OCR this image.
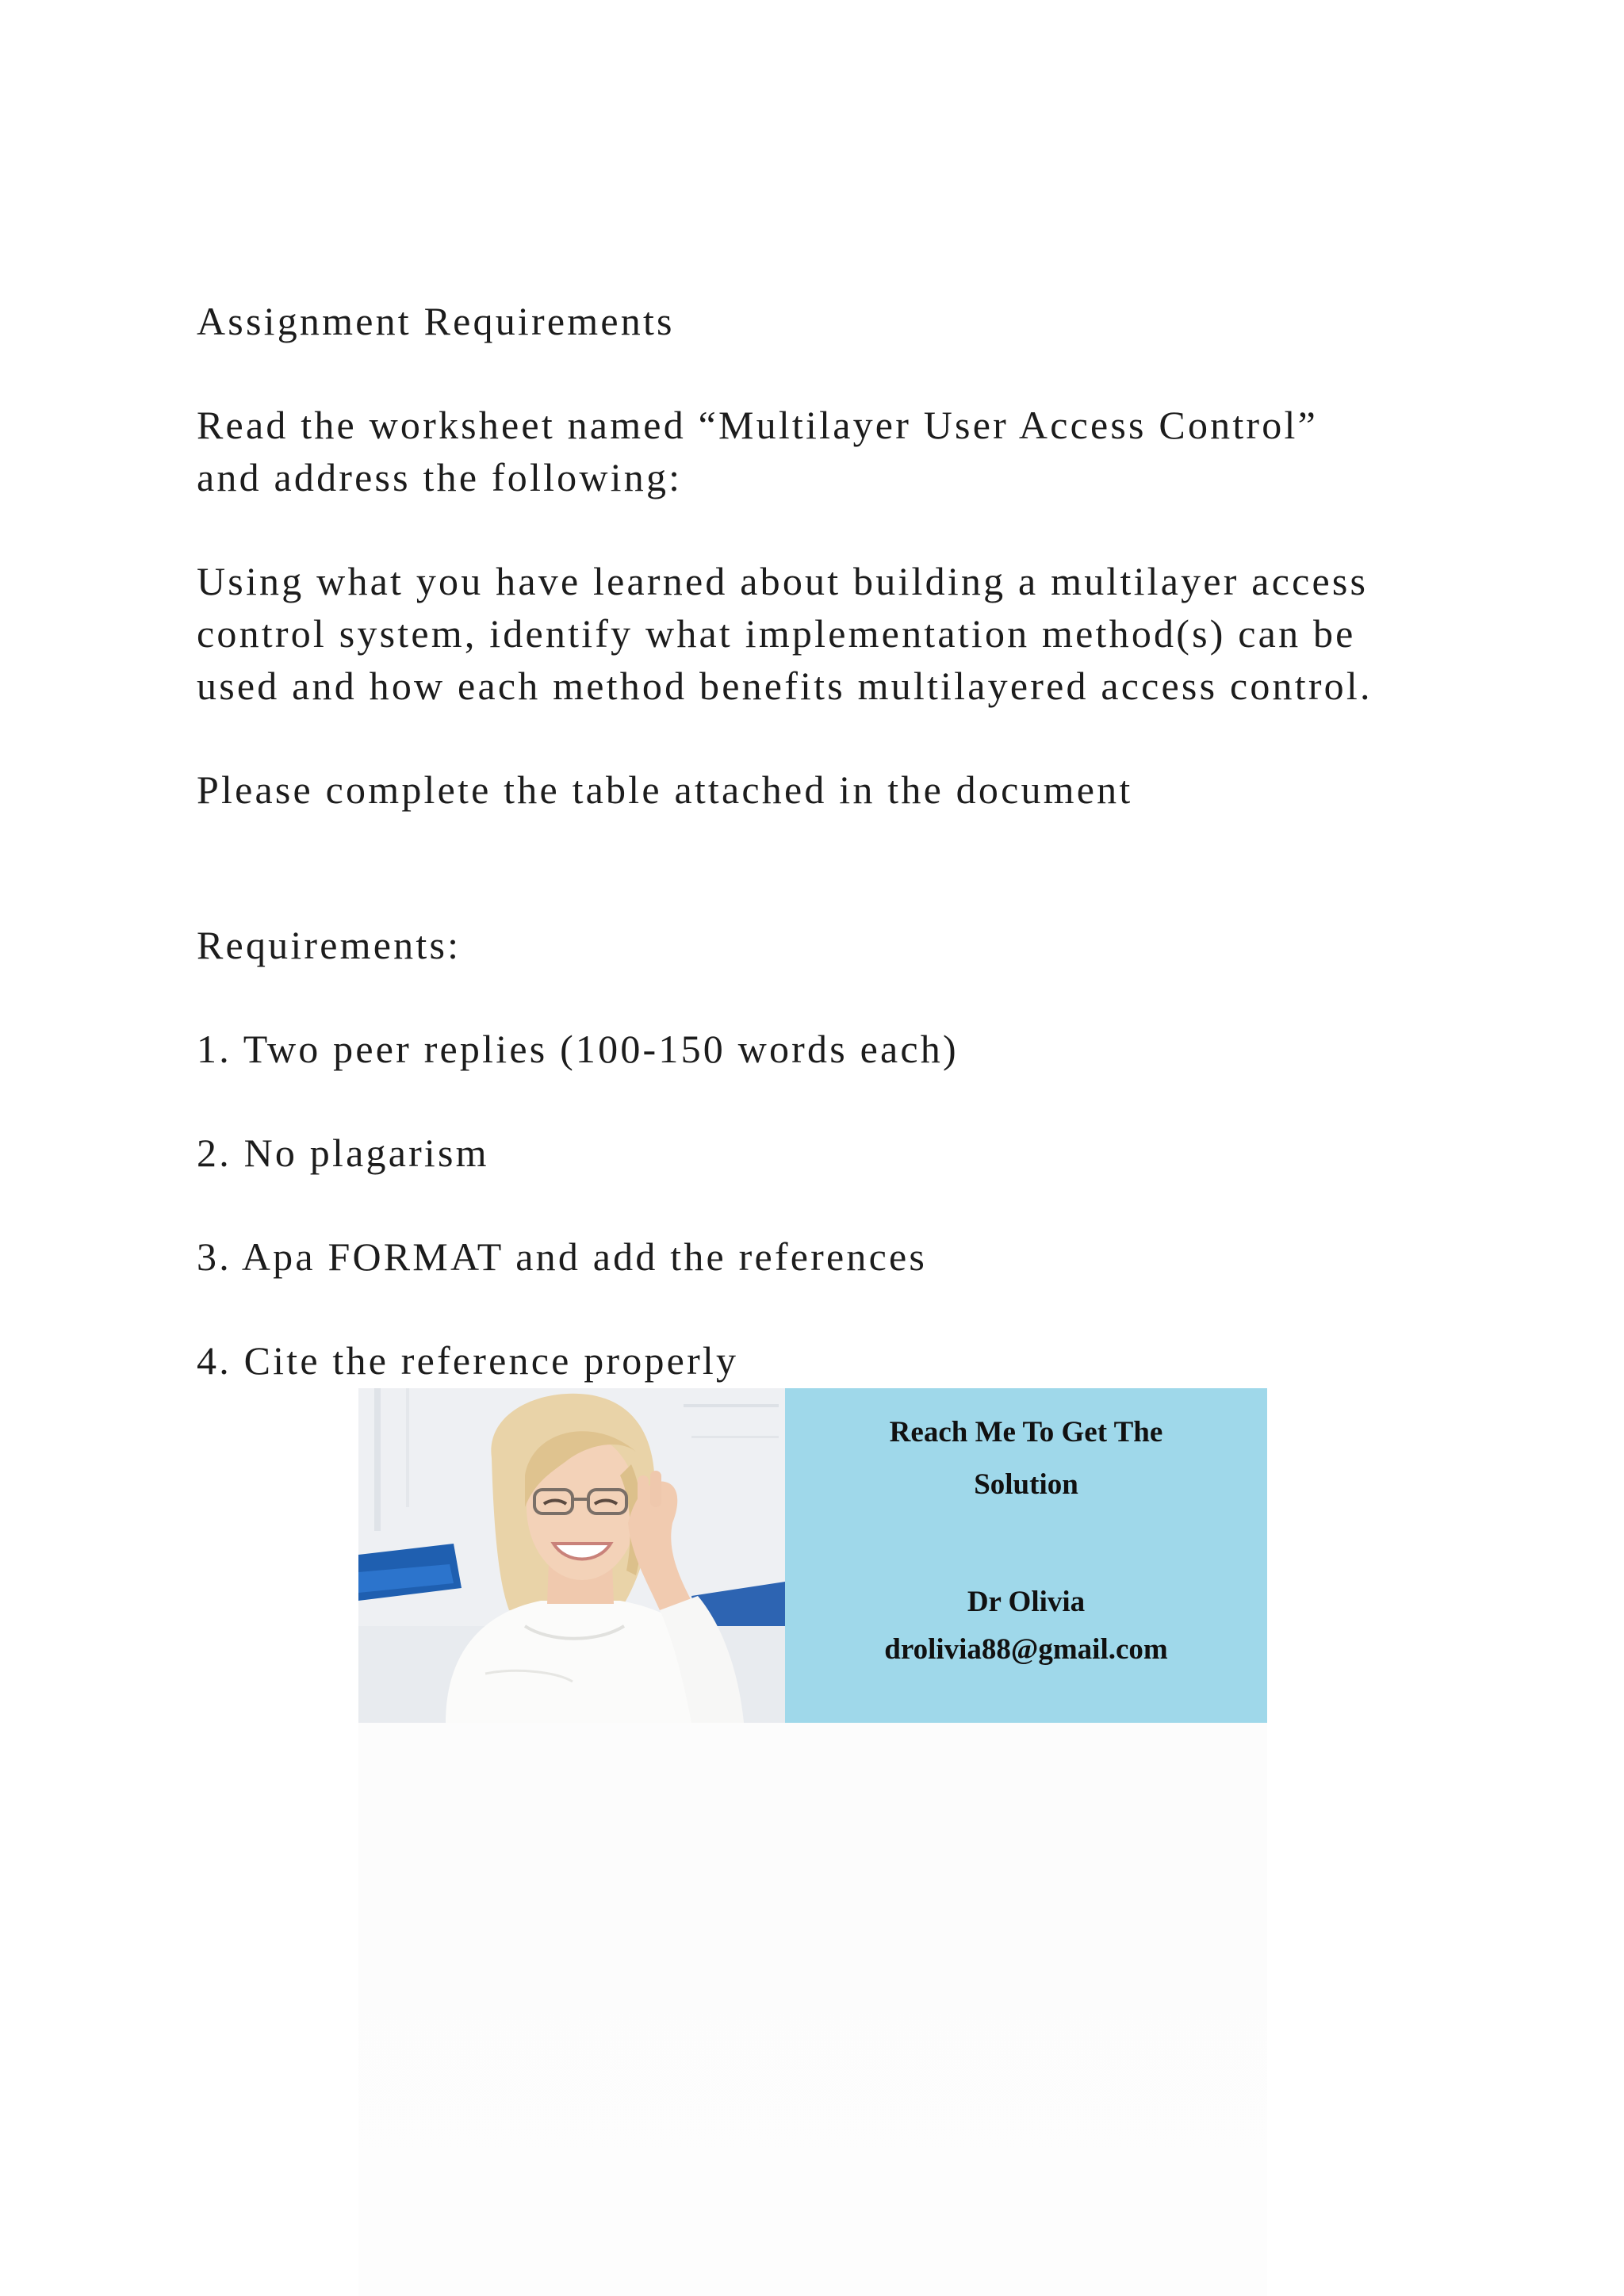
Assignment Requirements

Read the worksheet named “Multilayer User Access Control”

and address the following:

Using what you have learned about building a multilayer access

control system, identify what implementation method(s) can be

used and how each method benefits multilayered access control.

Please complete the table attached in the document

Requirements:

1. Two peer replies (100-150 words each)

2. No plagarism

3. Apa FORMAT and add the references

4. Cite the reference properly

Reach Me To Get The
Solution
Dr Olivia
drolivia88@gmail.com
